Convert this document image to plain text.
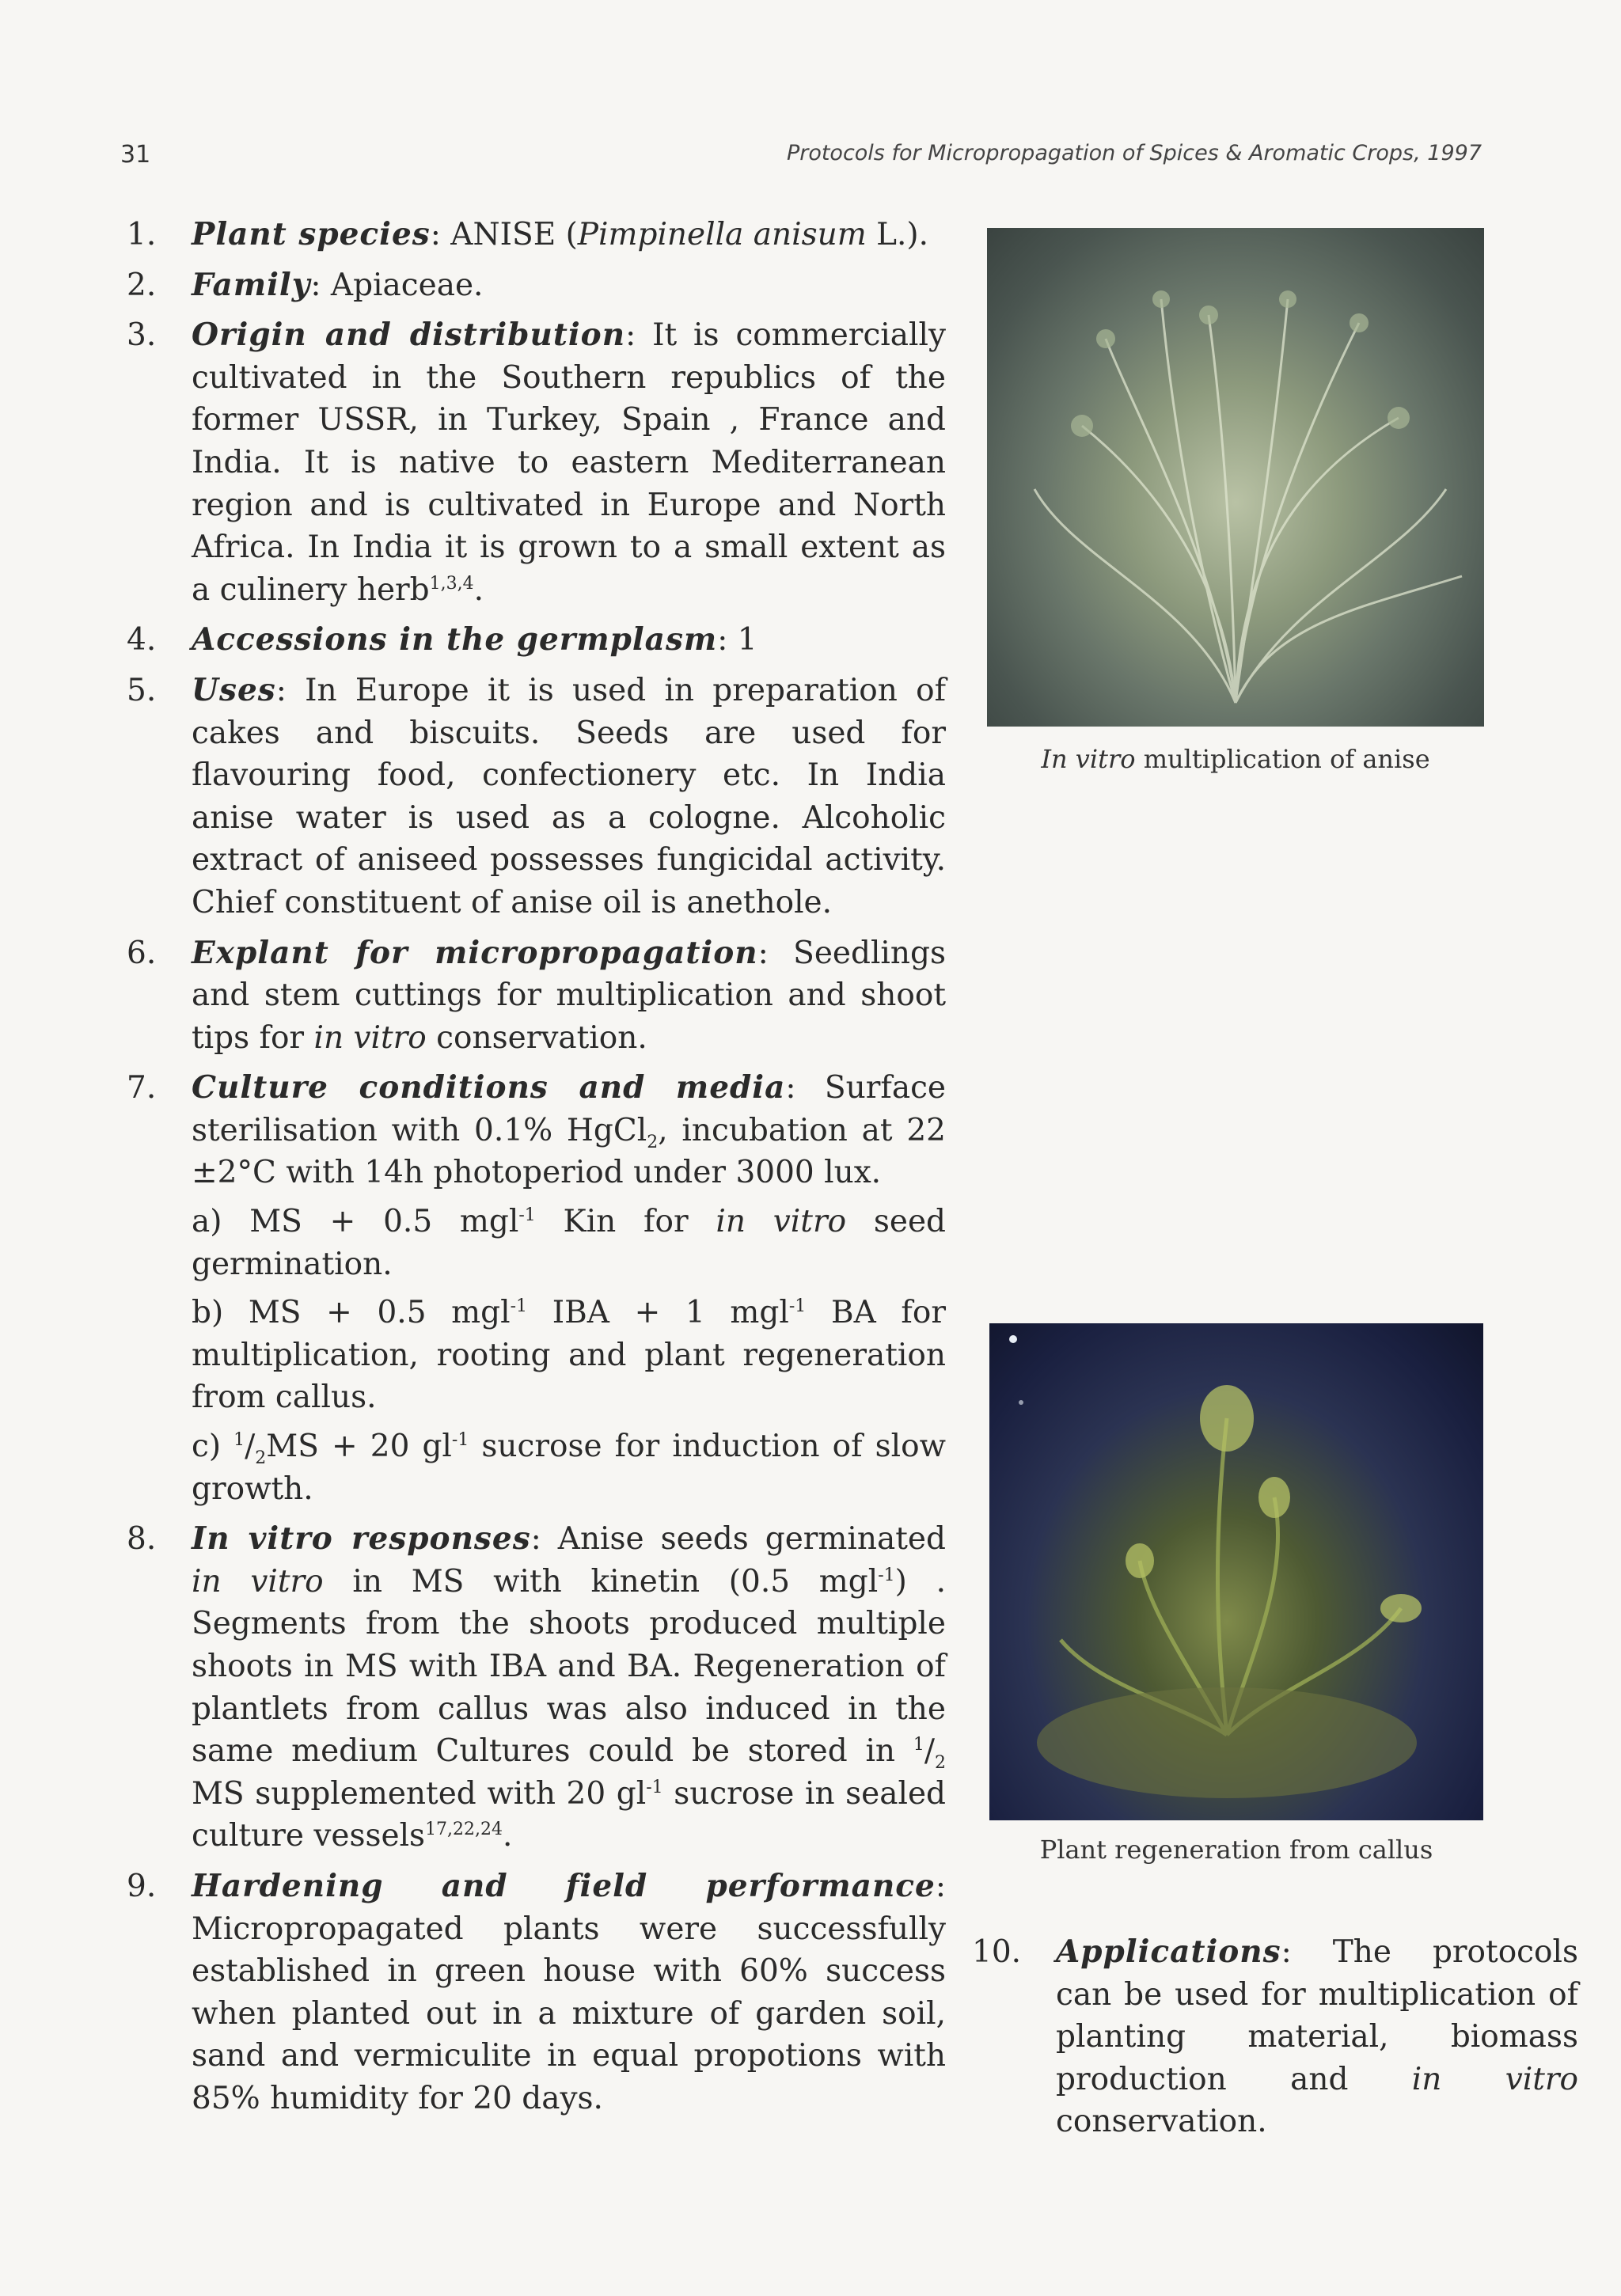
31	Protocols for Micropropagation of Spices & Aromatic Crops, 1997
1. Plant species: ANISE (Pimpinella anisum L.).
2. Family: Apiaceae.
3. Origin and distribution: It is commercially cultivated in the Southern republics of the former USSR, in Turkey, Spain , France and India. It is native to eastern Mediterranean region and is cultivated in Europe and North Africa. In India it is grown to a small extent as a culinery herb$^{1,3,4}$.
4. Accessions in the germplasm: 1
5. Uses: In Europe it is used in preparation of cakes and biscuits. Seeds are used for flavouring food, confectionery etc. In India anise water is used as a cologne. Alcoholic extract of aniseed possesses fungicidal activity. Chief constituent of anise oil is anethole.
6. Explant for micropropagation: Seedlings and stem cuttings for multiplication and shoot tips for in vitro conservation.
7. Culture conditions and media: Surface sterilisation with 0.1% HgCl$_2$, incubation at 22 ±2°C with 14h photoperiod under 3000 lux.
a) MS + 0.5 mgl$^{-1}$ Kin for in vitro seed germination.
b) MS + 0.5 mgl$^{-1}$ IBA + 1 mgl$^{-1}$ BA for multiplication, rooting and plant regeneration from callus.
c) $^1/_2MS + 20$ $gl^{-1}$ sucrose for induction of slow growth.
8. In vitro responses: Anise seeds germinated in vitro in MS with kinetin (0.5 mgl$^{-1}$) . Segments from the shoots produced multiple shoots in MS with IBA and BA. Regeneration of plantlets from callus was also induced in the same medium Cultures could be stored in $^1/_2$ MS supplemented with 20 $gl^{-1}$ sucrose in sealed culture vessels$^{17,22,24}$.
9. Hardening and field performance: Micropropagated plants were successfully established in green house with 60% success when planted out in a mixture of garden soil, sand and vermiculite in equal propotions with 85% humidity for 20 days.
In vitro multiplication of anise
Plant regeneration from callus
10. Applications: The protocols can be used for multiplication of planting material, biomass production and in vitro conservation.
